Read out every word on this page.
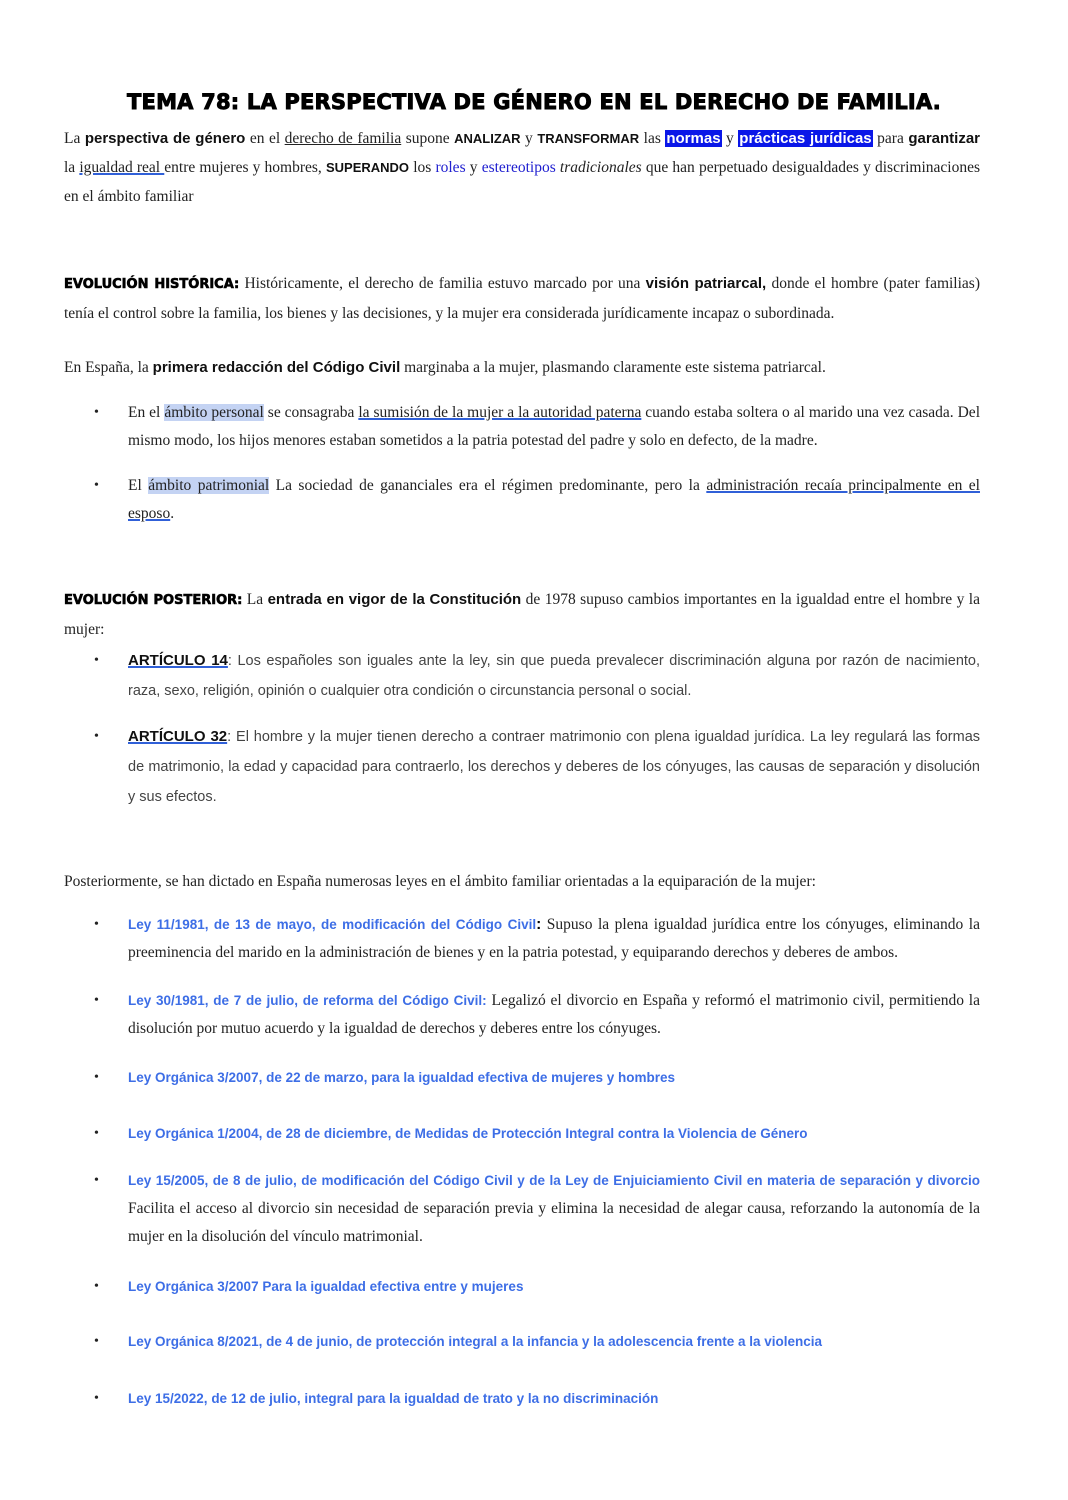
TEMA 78: LA PERSPECTIVA DE GÉNERO EN EL DERECHO DE FAMILIA.

La perspectiva de género en el derecho de familia supone ANALIZAR y TRANSFORMAR las normas y prácticas jurídicas para garantizar la igualdad real entre mujeres y hombres, SUPERANDO los roles y estereotipos tradicionales que han perpetuado desigualdades y discriminaciones en el ámbito familiar

EVOLUCIÓN HISTÓRICA: Históricamente, el derecho de familia estuvo marcado por una visión patriarcal, donde el hombre (pater familias) tenía el control sobre la familia, los bienes y las decisiones, y la mujer era considerada jurídicamente incapaz o subordinada.

En España, la primera redacción del Código Civil marginaba a la mujer, plasmando claramente este sistema patriarcal.

• En el ámbito personal se consagraba la sumisión de la mujer a la autoridad paterna cuando estaba soltera o al marido una vez casada. Del mismo modo, los hijos menores estaban sometidos a la patria potestad del padre y solo en defecto, de la madre.
• El ámbito patrimonial La sociedad de gananciales era el régimen predominante, pero la administración recaía principalmente en el esposo.

EVOLUCIÓN POSTERIOR: La entrada en vigor de la Constitución de 1978 supuso cambios importantes en la igualdad entre el hombre y la mujer:

• ARTÍCULO 14: Los españoles son iguales ante la ley, sin que pueda prevalecer discriminación alguna por razón de nacimiento, raza, sexo, religión, opinión o cualquier otra condición o circunstancia personal o social.
• ARTÍCULO 32: El hombre y la mujer tienen derecho a contraer matrimonio con plena igualdad jurídica. La ley regulará las formas de matrimonio, la edad y capacidad para contraerlo, los derechos y deberes de los cónyuges, las causas de separación y disolución y sus efectos.

Posteriormente, se han dictado en España numerosas leyes en el ámbito familiar orientadas a la equiparación de la mujer:

• Ley 11/1981, de 13 de mayo, de modificación del Código Civil: Supuso la plena igualdad jurídica entre los cónyuges, eliminando la preeminencia del marido en la administración de bienes y en la patria potestad, y equiparando derechos y deberes de ambos.
• Ley 30/1981, de 7 de julio, de reforma del Código Civil: Legalizó el divorcio en España y reformó el matrimonio civil, permitiendo la disolución por mutuo acuerdo y la igualdad de derechos y deberes entre los cónyuges.
• Ley Orgánica 3/2007, de 22 de marzo, para la igualdad efectiva de mujeres y hombres
• Ley Orgánica 1/2004, de 28 de diciembre, de Medidas de Protección Integral contra la Violencia de Género
• Ley 15/2005, de 8 de julio, de modificación del Código Civil y de la Ley de Enjuiciamiento Civil en materia de separación y divorcio Facilita el acceso al divorcio sin necesidad de separación previa y elimina la necesidad de alegar causa, reforzando la autonomía de la mujer en la disolución del vínculo matrimonial.
• Ley Orgánica 3/2007 Para la igualdad efectiva entre y mujeres
• Ley Orgánica 8/2021, de 4 de junio, de protección integral a la infancia y la adolescencia frente a la violencia
• Ley 15/2022, de 12 de julio, integral para la igualdad de trato y la no discriminación
